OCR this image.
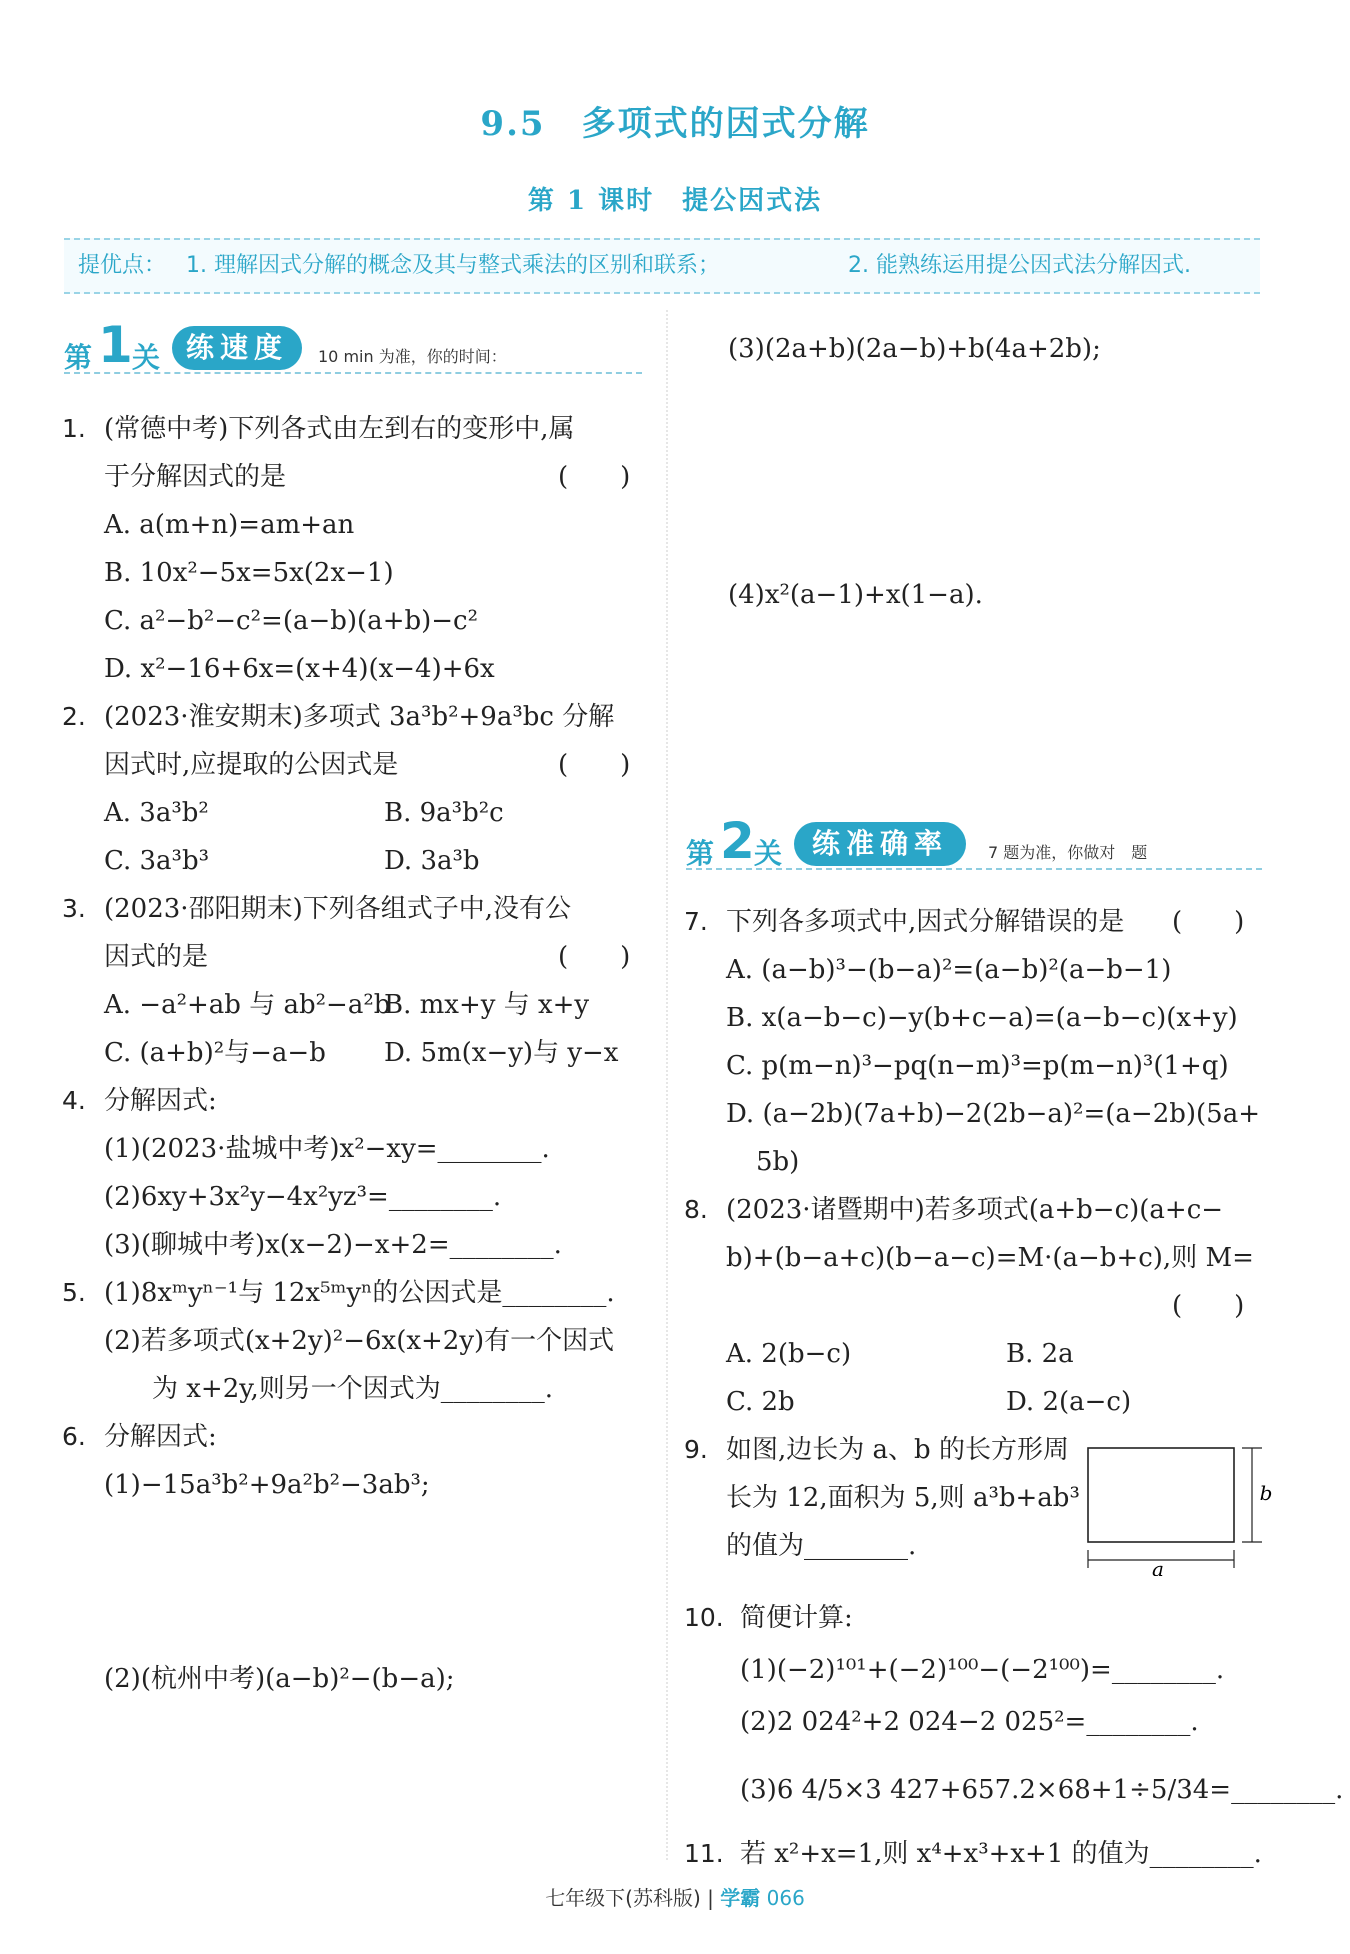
9.5　多项式的因式分解
第 1 课时　提公因式法
提优点： 1. 理解因式分解的概念及其与整式乘法的区别和联系；	2. 能熟练运用提公因式法分解因式.
第 1 关 练速度	10 min 为准，你的时间：
第 2 关	练准确率	7 题为准，你做对　题
1. (常德中考)下列各式由左到右的变形中,属
于分解因式的是	(　　)
A. a(m+n)=am+an
B. 10x²−5x=5x(2x−1)
C. a²−b²−c²=(a−b)(a+b)−c²
D. x²−16+6x=(x+4)(x−4)+6x
2. (2023·淮安期末)多项式 3a³b²+9a³bc 分解
因式时,应提取的公因式是	(　　)
A. 3a³b²	B. 9a³b²c
C. 3a³b³	D. 3a³b
3. (2023·邵阳期末)下列各组式子中,没有公
因式的是	(　　)
A. −a²+ab 与 ab²−a²b
B. mx+y 与 x+y
C. (a+b)²与−a−b D. 5m(x−y)与 y−x
4. 分解因式:
(1)(2023·盐城中考)x²−xy=________.
(2)6xy+3x²y−4x²yz³=________.
(3)(聊城中考)x(x−2)−x+2=________.
5. (1)8xᵐyⁿ⁻¹与 12x⁵ᵐyⁿ的公因式是________.
(2)若多项式(x+2y)²−6x(x+2y)有一个因式
为 x+2y,则另一个因式为________.
6. 分解因式:
(1)−15a³b²+9a²b²−3ab³;
(2)(杭州中考)(a−b)²−(b−a);
(3)(2a+b)(2a−b)+b(4a+2b);
(4)x²(a−1)+x(1−a).
7. 下列各多项式中,因式分解错误的是 (　　)
A. (a−b)³−(b−a)²=(a−b)²(a−b−1)
B. x(a−b−c)−y(b+c−a)=(a−b−c)(x+y)
C. p(m−n)³−pq(n−m)³=p(m−n)³(1+q)
D. (a−2b)(7a+b)−2(2b−a)²=(a−2b)(5a+
5b)
8. (2023·诸暨期中)若多项式(a+b−c)(a+c−
b)+(b−a+c)(b−a−c)=M·(a−b+c),则 M=
(　　)
A. 2(b−c)	B. 2a
C. 2b	D. 2(a−c)
9. 如图,边长为 a、b 的长方形周
长为 12,面积为 5,则 a³b+ab³
的值为________.
a
b
10. 简便计算:
(1)(−2)¹⁰¹+(−2)¹⁰⁰−(−2¹⁰⁰)=________.
(2)2 024²+2 024−2 025²=________.
(3)6 4/5×3 427+657.2×68+1÷5/34=________.
11. 若 x²+x=1,则 x⁴+x³+x+1 的值为________.
七年级下(苏科版) | 学霸 066
